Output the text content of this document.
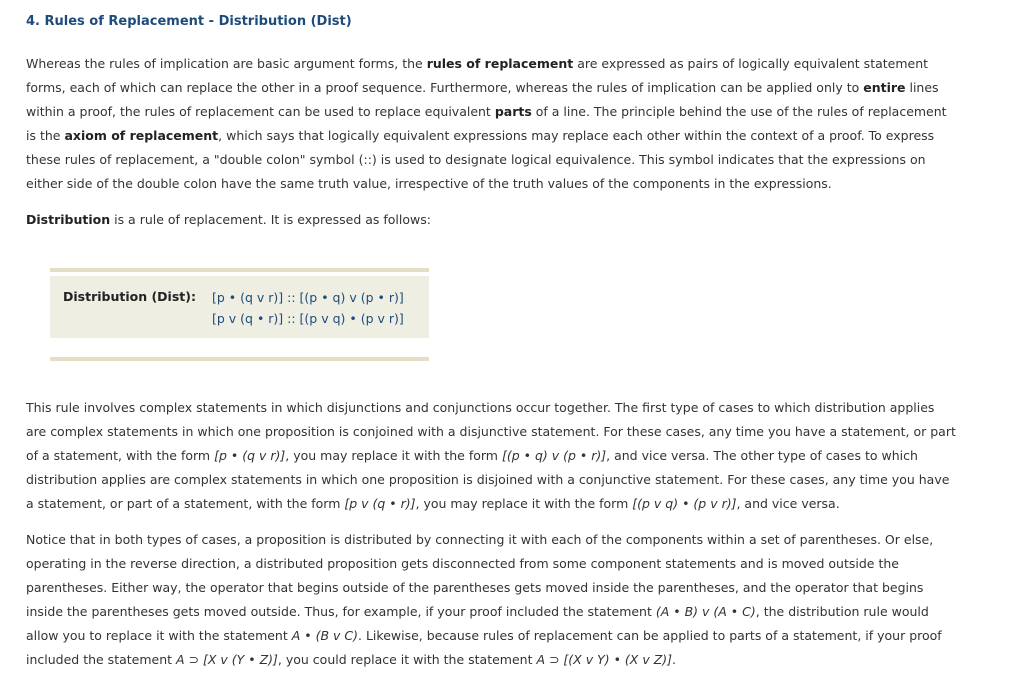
4. Rules of Replacement - Distribution (Dist)

Whereas the rules of implication are basic argument forms, the rules of replacement are expressed as pairs of logically equivalent statement forms, each of which can replace the other in a proof sequence. Furthermore, whereas the rules of implication can be applied only to entire lines within a proof, the rules of replacement can be used to replace equivalent parts of a line. The principle behind the use of the rules of replacement is the axiom of replacement, which says that logically equivalent expressions may replace each other within the context of a proof. To express these rules of replacement, a "double colon" symbol (::) is used to designate logical equivalence. This symbol indicates that the expressions on either side of the double colon have the same truth value, irrespective of the truth values of the components in the expressions.

Distribution is a rule of replacement. It is expressed as follows:

Distribution (Dist): [p • (q v r)] :: [(p • q) v (p • r)]
[p v (q • r)] :: [(p v q) • (p v r)]

This rule involves complex statements in which disjunctions and conjunctions occur together. The first type of cases to which distribution applies are complex statements in which one proposition is conjoined with a disjunctive statement. For these cases, any time you have a statement, or part of a statement, with the form [p • (q v r)], you may replace it with the form [(p • q) v (p • r)], and vice versa. The other type of cases to which distribution applies are complex statements in which one proposition is disjoined with a conjunctive statement. For these cases, any time you have a statement, or part of a statement, with the form [p v (q • r)], you may replace it with the form [(p v q) • (p v r)], and vice versa.

Notice that in both types of cases, a proposition is distributed by connecting it with each of the components within a set of parentheses. Or else, operating in the reverse direction, a distributed proposition gets disconnected from some component statements and is moved outside the parentheses. Either way, the operator that begins outside of the parentheses gets moved inside the parentheses, and the operator that begins inside the parentheses gets moved outside. Thus, for example, if your proof included the statement (A • B) v (A • C), the distribution rule would allow you to replace it with the statement A • (B v C). Likewise, because rules of replacement can be applied to parts of a statement, if your proof included the statement A ⊃ [X v (Y • Z)], you could replace it with the statement A ⊃ [(X v Y) • (X v Z)].
